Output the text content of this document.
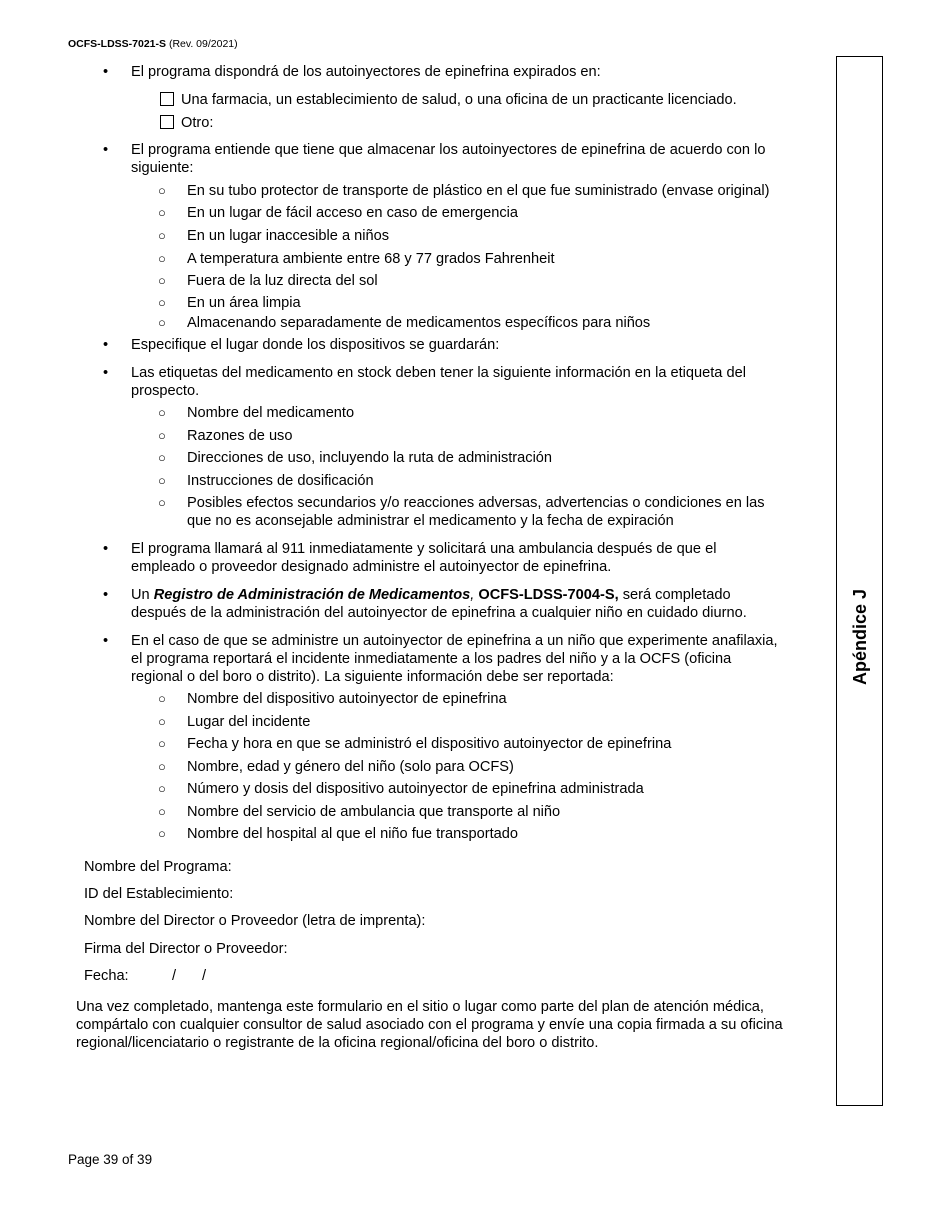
OCFS-LDSS-7021-S (Rev. 09/2021)
Apéndice J
• El programa dispondrá de los autoinyectores de epinefrina expirados en:
Una farmacia, un establecimiento de salud, o una oficina de un practicante licenciado.
Otro:
• El programa entiende que tiene que almacenar los autoinyectores de epinefrina de acuerdo con lo
siguiente:
○ En su tubo protector de transporte de plástico en el que fue suministrado (envase original)
○ En un lugar de fácil acceso en caso de emergencia
○ En un lugar inaccesible a niños
○ A temperatura ambiente entre 68 y 77 grados Fahrenheit
○ Fuera de la luz directa del sol
○ En un área limpia
○ Almacenando separadamente de medicamentos específicos para niños
• Especifique el lugar donde los dispositivos se guardarán:
• Las etiquetas del medicamento en stock deben tener la siguiente información en la etiqueta del
prospecto.
○ Nombre del medicamento
○ Razones de uso
○ Direcciones de uso, incluyendo la ruta de administración
○ Instrucciones de dosificación
○ Posibles efectos secundarios y/o reacciones adversas, advertencias o condiciones en las
que no es aconsejable administrar el medicamento y la fecha de expiración
• El programa llamará al 911 inmediatamente y solicitará una ambulancia después de que el
empleado o proveedor designado administre el autoinyector de epinefrina.
• Un Registro de Administración de Medicamentos, OCFS-LDSS-7004-S, será completado
después de la administración del autoinyector de epinefrina a cualquier niño en cuidado diurno.
• En el caso de que se administre un autoinyector de epinefrina a un niño que experimente anafilaxia,
el programa reportará el incidente inmediatamente a los padres del niño y a la OCFS (oficina
regional o del boro o distrito). La siguiente información debe ser reportada:
○ Nombre del dispositivo autoinyector de epinefrina
○ Lugar del incidente
○ Fecha y hora en que se administró el dispositivo autoinyector de epinefrina
○ Nombre, edad y género del niño (solo para OCFS)
○ Número y dosis del dispositivo autoinyector de epinefrina administrada
○ Nombre del servicio de ambulancia que transporte al niño
○ Nombre del hospital al que el niño fue transportado
Nombre del Programa:
ID del Establecimiento:
Nombre del Director o Proveedor (letra de imprenta):
Firma del Director o Proveedor:
Fecha:	/ /
Una vez completado, mantenga este formulario en el sitio o lugar como parte del plan de atención médica,
compártalo con cualquier consultor de salud asociado con el programa y envíe una copia firmada a su oficina
regional/licenciatario o registrante de la oficina regional/oficina del boro o distrito.
Page 39 of 39
